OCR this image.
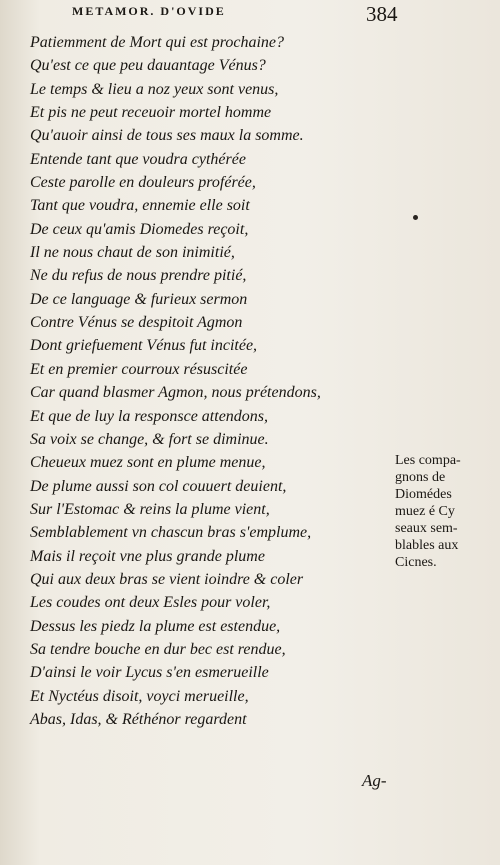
METAMOR. D'OVIDE	384
Patiemment de Mort qui est prochaine?
Qu'est ce que peu dauantage Vénus?
Le temps & lieu a noz yeux sont venus,
Et pis ne peut receuoir mortel homme
Qu'auoir ainsi de tous ses maux la somme.
Entende tant que voudra cythérée
Ceste parolle en douleurs proférée,
Tant que voudra, ennemie elle soit
De ceux qu'amis Diomedes reçoit,
Il ne nous chaut de son inimitié,
Ne du refus de nous prendre pitié,
De ce language & furieux sermon
Contre Vénus se despitoit Agmon
Dont griefuement Vénus fut incitée,
Et en premier courroux résuscitée
Car quand blasmer Agmon, nous prétendons,
Et que de luy la responsce attendons,
Sa voix se change, & fort se diminue.
Cheueux muez sont en plume menue,
De plume aussi son col couuert deuient,
Sur l'Estomac & reins la plume vient,
Semblablement vn chascun bras s'emplume,
Mais il reçoit vne plus grande plume
Qui aux deux bras se vient ioindre & coler
Les coudes ont deux Esles pour voler,
Dessus les piedz la plume est estendue,
Sa tendre bouche en dur bec est rendue,
D'ainsi le voir Lycus s'en esmerueille
Et Nyctéus disoit, voyci merueille,
Abas, Idas, & Réthénor regardent
Les compa-
gnons de
Diomédes
muez é Cy
seaux sem-
blables aux
Cicnes.
Ag-
